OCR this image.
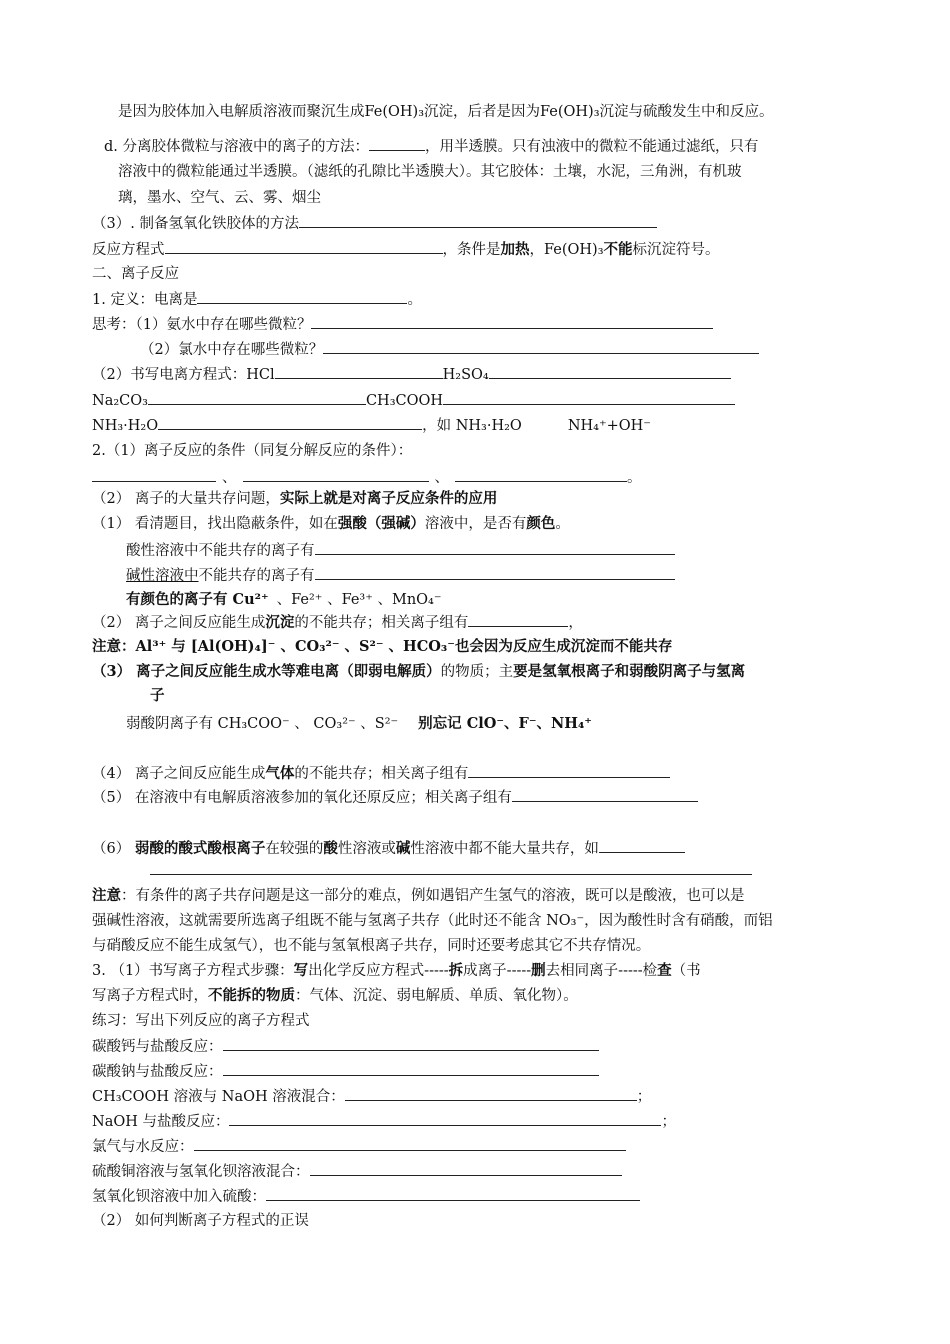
是因为胶体加入电解质溶液而聚沉生成Fe(OH)₃沉淀，后者是因为Fe(OH)₃沉淀与硫酸发生中和反应。
d. 分离胶体微粒与溶液中的离子的方法：	，用半透膜。只有浊液中的微粒不能通过滤纸，只有
溶液中的微粒能通过半透膜。（滤纸的孔隙比半透膜大）。其它胶体：土壤，水泥，三角洲，有机玻
璃，墨水、空气、云、雾、烟尘
（3）. 制备氢氧化铁胶体的方法
反应方程式	，条件是加热，Fe(OH)₃不能标沉淀符号。
二、离子反应
1. 定义：电离是	。
思考：（1）氨水中存在哪些微粒？
（2）氯水中存在哪些微粒？
（2）书写电离方程式：HCl	H₂SO₄
Na₂CO₃	CH₃COOH
NH₃·H₂O	，如 NH₃·H₂O	NH₄⁺+OH⁻
2.（1）离子反应的条件（同复分解反应的条件）：
、	、	。
（2） 离子的大量共存问题，实际上就是对离子反应条件的应用
（1） 看清题目，找出隐蔽条件，如在强酸（强碱）溶液中，是否有颜色。
酸性溶液中不能共存的离子有
碱性溶液中不能共存的离子有
有颜色的离子有 Cu²⁺ 、Fe²⁺ 、Fe³⁺ 、MnO₄⁻
（2） 离子之间反应能生成沉淀的不能共存；相关离子组有	，
注意：Al³⁺ 与 [Al(OH)₄]⁻ 、CO₃²⁻ 、S²⁻ 、HCO₃⁻也会因为反应生成沉淀而不能共存
（3） 离子之间反应能生成水等难电离（即弱电解质）的物质；主要是氢氧根离子和弱酸阴离子与氢离
子
弱酸阴离子有 CH₃COO⁻ 、 CO₃²⁻ 、S²⁻ 别忘记 ClO⁻、F⁻、NH₄⁺
（4） 离子之间反应能生成气体的不能共存；相关离子组有
（5） 在溶液中有电解质溶液参加的氧化还原反应；相关离子组有
（6） 弱酸的酸式酸根离子在较强的酸性溶液或碱性溶液中都不能大量共存，如
注意：有条件的离子共存问题是这一部分的难点，例如遇铝产生氢气的溶液，既可以是酸液，也可以是
强碱性溶液，这就需要所选离子组既不能与氢离子共存（此时还不能含 NO₃⁻，因为酸性时含有硝酸，而铝
与硝酸反应不能生成氢气），也不能与氢氧根离子共存，同时还要考虑其它不共存情况。
3. （1）书写离子方程式步骤：写出化学反应方程式-----拆成离子-----删去相同离子-----检查（书
写离子方程式时，不能拆的物质：气体、沉淀、弱电解质、单质、氧化物）。
练习：写出下列反应的离子方程式
碳酸钙与盐酸反应：
碳酸钠与盐酸反应：
CH₃COOH 溶液与 NaOH 溶液混合：	；
NaOH 与盐酸反应：	；
氯气与水反应：
硫酸铜溶液与氢氧化钡溶液混合：
氢氧化钡溶液中加入硫酸：
（2） 如何判断离子方程式的正误
